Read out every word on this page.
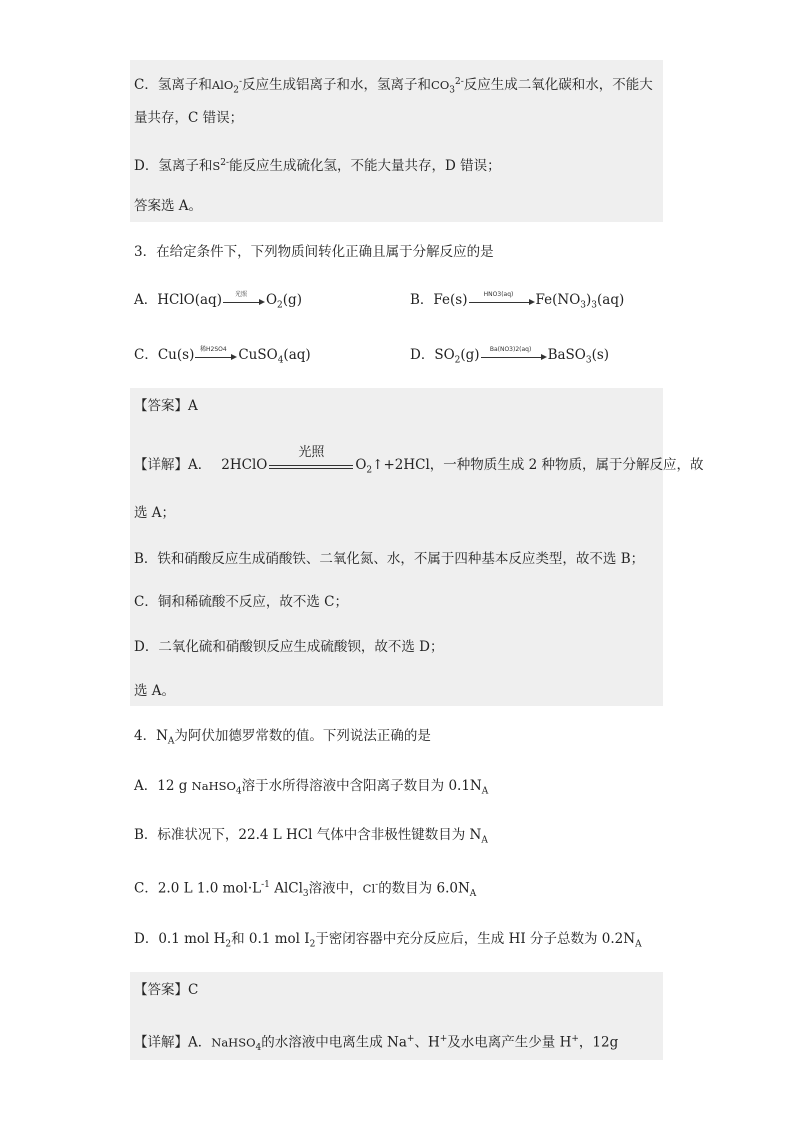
C．氢离子和AlO$_2$-反应生成铝离子和水，氢离子和$CO_3^{2-}$反应生成二氧化碳和水，不能大
量共存，C 错误；
D．氢离子和$S^{2-}$能反应生成硫化氢，不能大量共存，D 错误；
答案选 A。
3．在给定条件下，下列物质间转化正确且属于分解反应的是
A．HClO(aq)	光照	$O_2(g)$	B．Fe(s)	HNO3(aq)	$Fe(NO_3)_3(aq)$
C．Cu(s) 稀H2SO4 CuSO$_4$(aq)	D．$SO_2(g)$	Ba(NO3)2(aq)	BaSO$_3$(s)
【答案】A
【详解】A． 2HClO
光照
$O_2↑+2HCl$，一种物质生成 2 种物质，属于分解反应，故
选 A；
B．铁和硝酸反应生成硝酸铁、二氧化氮、水，不属于四种基本反应类型，故不选 B；
C．铜和稀硫酸不反应，故不选 C；
D．二氧化硫和硝酸钡反应生成硫酸钡，故不选 D；
选 A。
4．$N_A$为阿伏加德罗常数的值。下列说法正确的是
A．12 g NaHSO$_4$溶于水所得溶液中含阳离子数目为 $0.1N_A$
B．标准状况下，22.4 L HCl 气体中含非极性键数目为 $N_A$
C．2.0 L 1.0 $mol\cdot L^{-1}$ AlCl$_3$溶液中，Cl-的数目为 $6.0N_A$
D．0.1 mol $H_2$和 0.1 mol $I_2$于密闭容器中充分反应后，生成 HI 分子总数为 $0.2N_A$
【答案】C
【详解】A．NaHSO$_4$的水溶液中电离生成 Na+、H+及水电离产生少量 H+，12g
